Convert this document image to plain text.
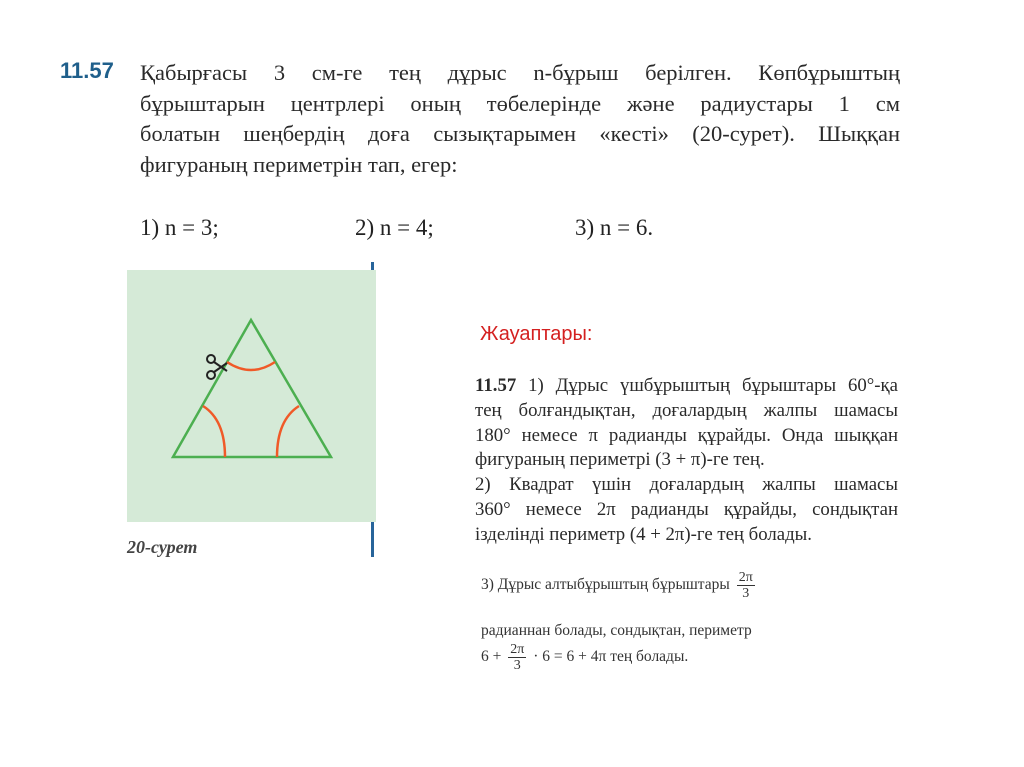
11.57 Қабырғасы 3 см-ге тең дұрыс n-бұрыш берілген. Көпбұрыштың
бұрыштарын центрлері оның төбелерінде және радиустары 1 см
болатын шеңбердің доға сызықтарымен «кесті» (20-сурет). Шыққан
фигураның периметрін тап, егер:
1) n = 3;	2) n = 4;	3) n = 6.
20-сурет
Жауаптары:
11.57 1) Дұрыс үшбұрыштың бұрыштары 60°-қа
тең болғандықтан, доғалардың жалпы шамасы
180° немесе π радианды құрайды. Онда шыққан
фигураның периметрі (3 + π)-ге тең.
2) Квадрат үшін доғалардың жалпы шамасы
360° немесе 2π радианды құрайды, сондықтан
ізделінді периметр (4 + 2π)-ге тең болады.
3) Дұрыс алтыбұрыштың бұрыштары $\frac{2\pi}{3}$
радианнан болады, сондықтан, периметр
$6 + \frac{2\pi}{3} \cdot 6 = 6 + 4\pi$ тең болады.
